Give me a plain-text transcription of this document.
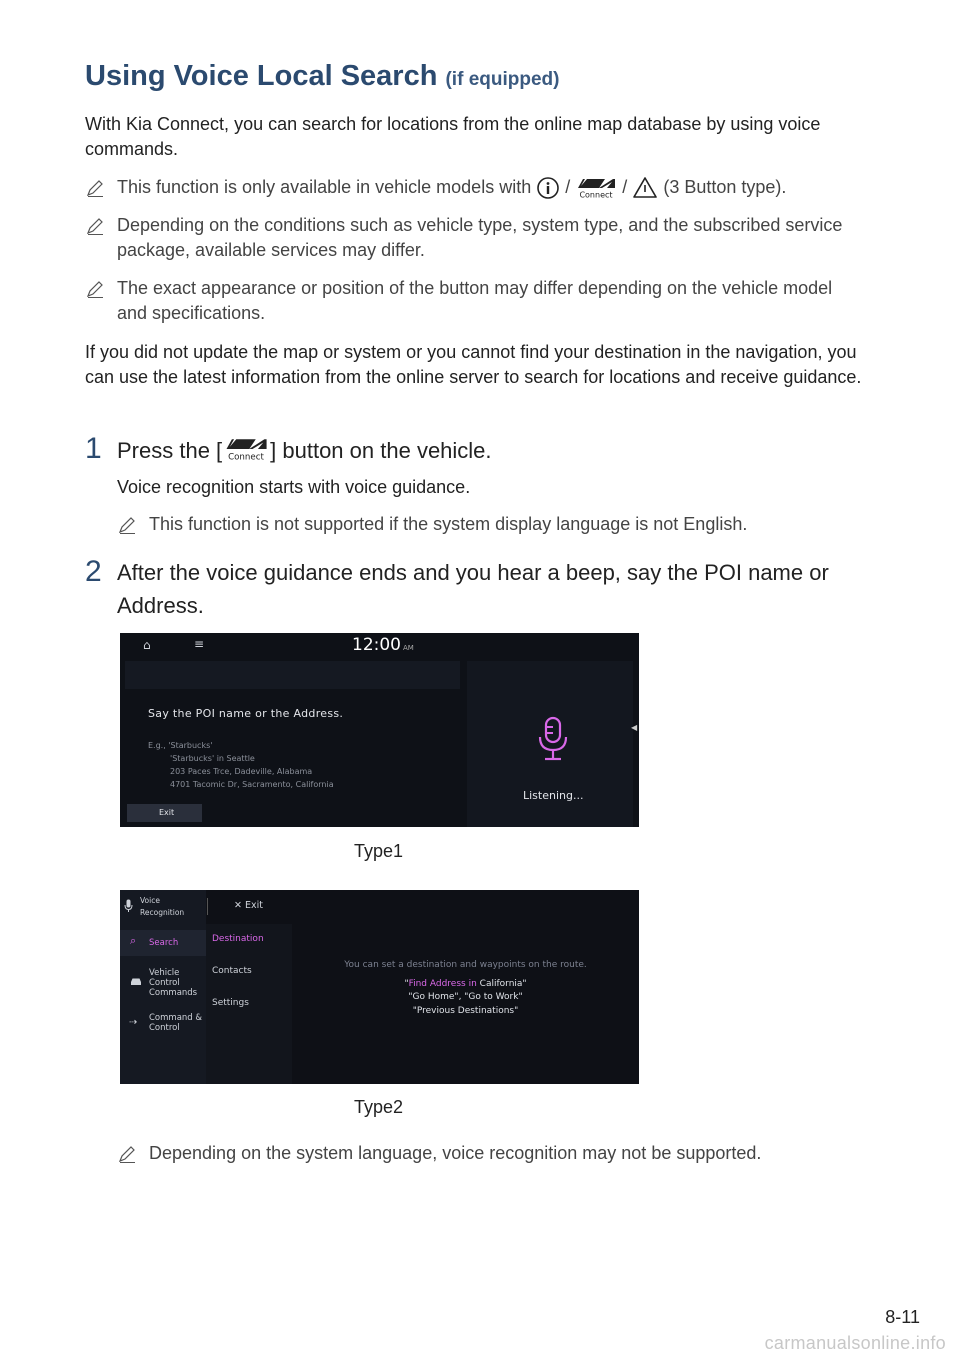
Using Voice Local Search (if equipped)
With Kia Connect, you can search for locations from the online map database by using voice commands.
This function is only available in vehicle models with / Connect / (3 Button type).
Depending on the conditions such as vehicle type, system type, and the subscribed service package, available services may differ.
The exact appearance or position of the button may differ depending on the vehicle model and specifications.
If you did not update the map or system or you cannot find your destination in the navigation, you can use the latest information from the online server to search for locations and receive guidance.
1 Press the [ Connect ] button on the vehicle.
Voice recognition starts with voice guidance.
This function is not supported if the system display language is not English.
2 After the voice guidance ends and you hear a beep, say the POI name or Address.
⌂	≡	12:00 AM
Say the POI name or the Address.
E.g., 'Starbucks'
'Starbucks' in Seattle
203 Paces Trce, Dadeville, Alabama
4701 Tacomic Dr, Sacramento, California
Exit
Listening...
◀
Type1
Voice
Recognition
✕ Exit
⌕ Search
Vehicle
Control
Commands
⇢ Command &
Control
Destination
Contacts
Settings
You can set a destination and waypoints on the route.
"Find Address in California"
"Go Home", "Go to Work"
"Previous Destinations"
Type2
Depending on the system language, voice recognition may not be supported.
8-11
carmanualsonline.info
